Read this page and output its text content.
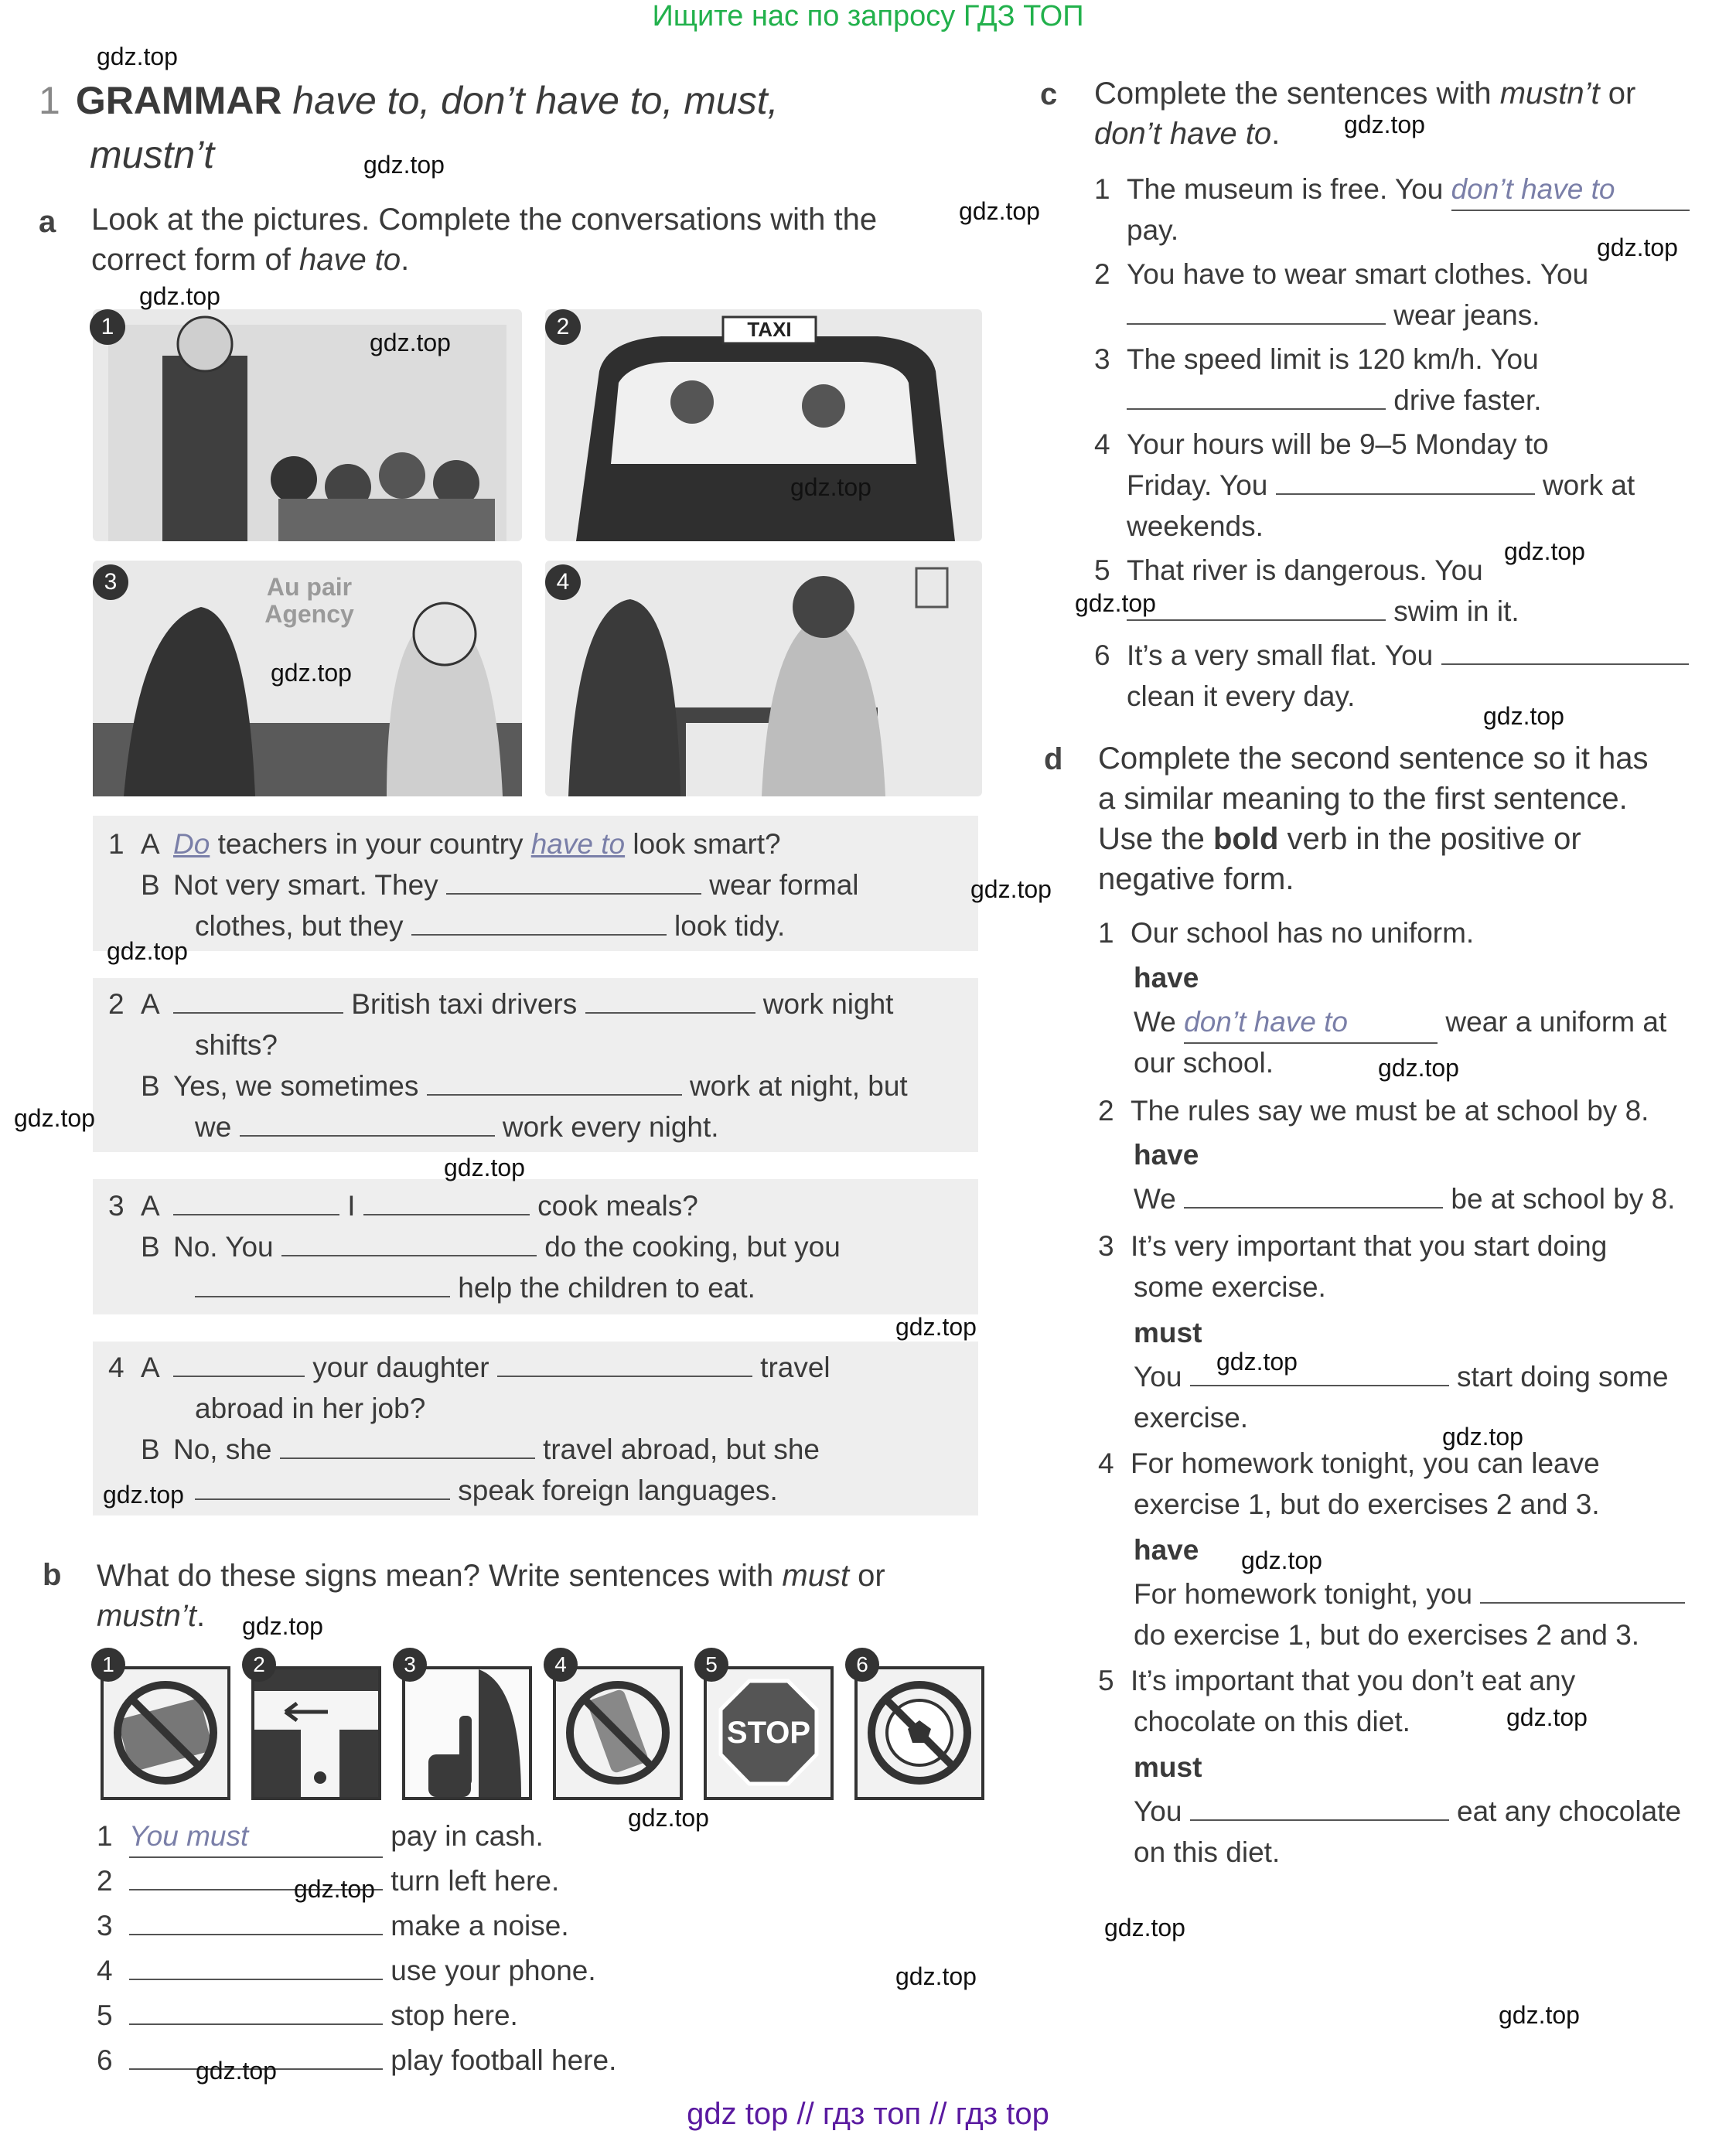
Ищите нас по запросу ГДЗ ТОП
gdz top // гдз топ // гдз top
1 GRAMMAR have to, don’t have to, must,
mustn’t
a Look at the pictures. Complete the conversations with the
correct form of have to.
1	TAXI
2
Au pair
Agency
3	4
1 A Do teachers in your country have to look smart?
B Not very smart. They	wear formal
clothes, but they	look tidy.
2 A	British taxi drivers	work night
shifts?
B Yes, we sometimes	work at night, but
we	work every night.
3 A	I	cook meals?
B No. You	do the cooking, but you
help the children to eat.
4 A	your daughter	travel
abroad in her job?
B No, she	travel abroad, but she
speak foreign languages.
b What do these signs mean? Write sentences with must or
mustn’t.
1	2	3	4
STOP
5	6
1 You must	pay in cash.
2	turn left here.
3	make a noise.
4	use your phone.
5	stop here.
6	play football here.
c Complete the sentences with mustn’t or
don’t have to.
1 The museum is free. You don’t have to
pay.
2 You have to wear smart clothes. You
wear jeans.
3 The speed limit is 120 km/h. You
drive faster.
4 Your hours will be 9–5 Monday to
Friday. You	work at
weekends.
5 That river is dangerous. You
swim in it.
6 It’s a very small flat. You
clean it every day.
d Complete the second sentence so it has
a similar meaning to the first sentence.
Use the bold verb in the positive or
negative form.
1 Our school has no uniform.
have
We don’t have to	wear a uniform at
our school.
2 The rules say we must be at school by 8.
have
We	be at school by 8.
3 It’s very important that you start doing
some exercise.
must
You	start doing some
exercise.
4 For homework tonight, you can leave
exercise 1, but do exercises 2 and 3.
have
For homework tonight, you
do exercise 1, but do exercises 2 and 3.
5 It’s important that you don’t eat any
chocolate on this diet.
must
You	eat any chocolate
on this diet.
gdz.top
gdz.top
gdz.top
gdz.top
gdz.top
gdz.top
gdz.top
gdz.top
gdz.top
gdz.top
gdz.top
gdz.top
gdz.top
gdz.top
gdz.top
gdz.top
gdz.top
gdz.top
gdz.top
gdz.top
gdz.top
gdz.top
gdz.top
gdz.top
gdz.top
gdz.top
gdz.top
gdz.top
gdz.top
gdz.top
